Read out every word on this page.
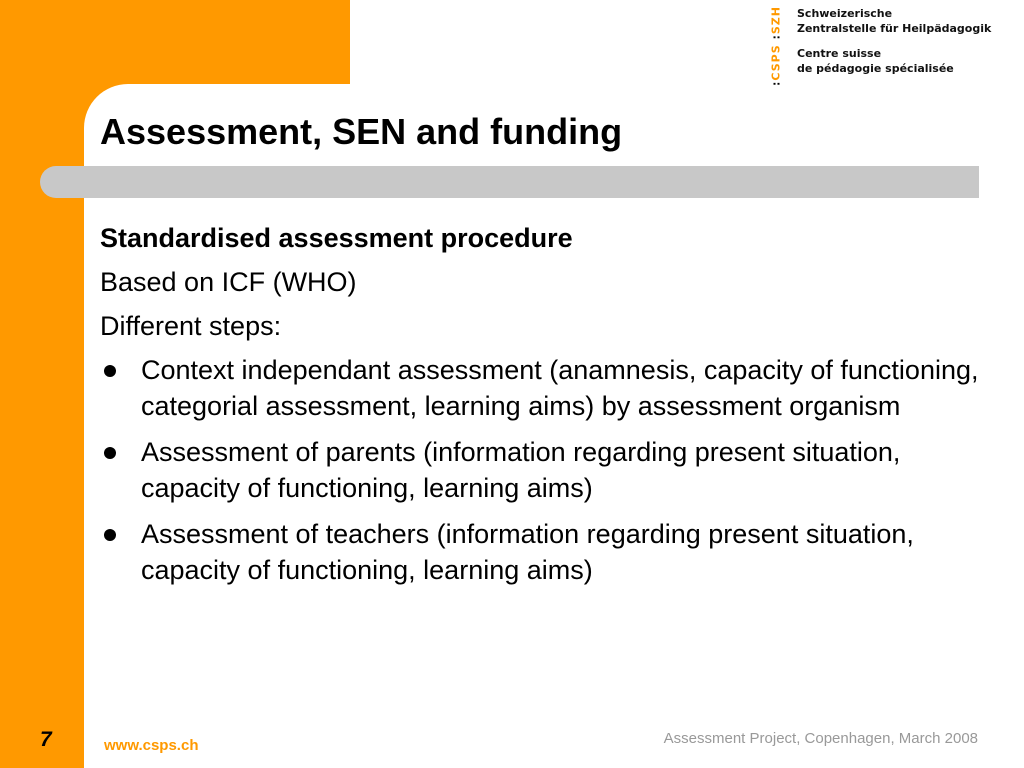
:CSPS :SZH Schweizerische
Zentralstelle für Heilpädagogik
Centre suisse
de pédagogie spécialisée
Assessment, SEN and funding
Standardised assessment procedure
Based on ICF (WHO)
Different steps:
Context independant assessment (anamnesis, capacity of functioning, categorial assessment, learning aims) by assessment organism
Assessment of parents (information regarding present situation, capacity of functioning, learning aims)
Assessment of teachers (information regarding present situation, capacity of functioning, learning aims)
7	www.csps.ch	Assessment Project, Copenhagen, March 2008
